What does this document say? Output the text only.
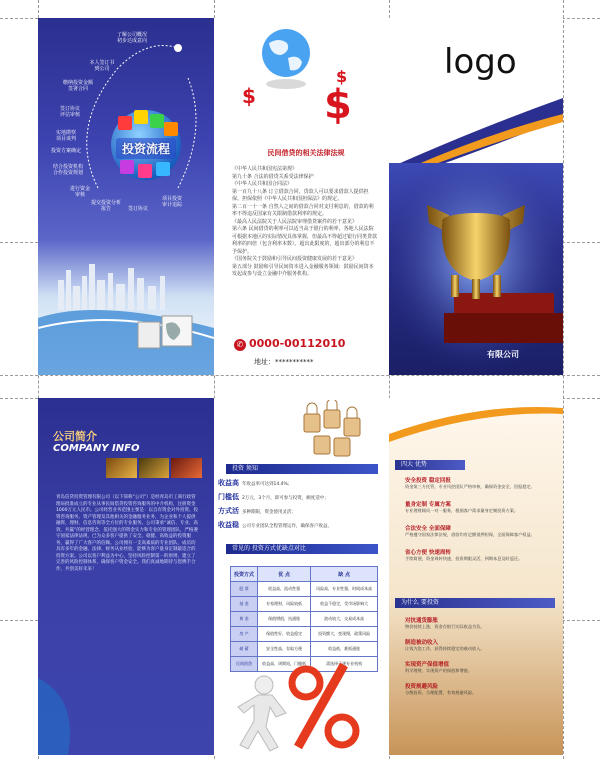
投资流程
了解公司概况
初步达成意向
本人签订书
到公司
缴纳投资金额
签署合同
签订协议
评估审核
实地勘察
项目谈判
投资方案确定
结合投资机构
合作投资规划
进行资金
审核
提交投资分析
报告	签订协议
项目投资
审计追踪
$ $
$
民间借贷的相关法律法规
《中华人民共和国宪法第规》
第九十条 合法的借贷关系受法律保护
《中华人民共和国合同法》
第一百九十八条 订立借款合同，贷款人可以要求借款人提供担保。担保依照《中华人民共和国担保法》的规定。
第二百一十一条 自然人之间的借款合同对支付利息的，借款的利率不得违反国家有关限制借款利率的规定。
《最高人民法院关于人民法院审理借贷案件的若干意见》
第六条 民间借贷的利率可以适当高于银行的利率，各地人民法院可根据本地区的实际情况具体掌握，但最高不得超过银行同类贷款利率的四倍（包含利率本数）。超出此限度的，超出部分的利息不予保护。
《国务院关于鼓励和引导民间投资健康发展的若干意见》
第五部分 鼓励和引导民间资本进入金融服务领域：鼓励民间资本发起或参与设立金融中介服务机构。
✆ 0000-00112010
地址：***********
logo
有限公司
公司简介
COMPANY INFO
青岛信贷投资管理有限公司（以下简称“公司”）是经青岛市工商行政管理局批准成立的专业从事民间借贷投资咨询服务的中介机构，注册资金1000万元人民币。公司经营业务范围主要是：以自有资金对外投资、投资咨询服务、资产管理及其他相关的金融服务业务，为企业和个人提供融资、理财、信息咨询等全方位的专业服务。公司秉承“诚信、专业、高效、共赢”的经营理念，依托强大的资金实力和专业的管理团队，严格遵守国家法律法规，已为众多客户提供了安全、稳健、高收益的投资服务，赢得了广大客户的信赖。公司拥有一支高素质的专业团队，成员均具有多年的金融、法律、财务从业经验，能够为客户量身定制最适合的投资方案。公司以客户利益为中心，坚持风险控制第一的原则，建立了完善的风险控制体系，确保客户资金安全。我们真诚地期待与您携手合作，共创美好未来！
投资 须知
收益高 年收益率可达到14.4%；
门槛低 2万元，3个月，即可参与投资，额度适中；
方式活 多种期限，资金使用灵活；
收益稳 公司专业团队全程管理运作，确保客户收益。
常见的 投资方式优缺点对比
投资方式	优 点	缺 点
股 票	收益高，流动性强	风险高，专业性强，时间成本高
基 金	专家理财，风险较低	收益不稳定，受市场影响大
黄 金	保值增值，抗通胀	波动较大，交易成本高
房 产	保值性好，收益稳定	投资额大，变现慢，政策风险
储 蓄	安全性高，存取方便	收益低，难抵通胀
民间借贷	收益高，周期短，门槛低	需选择正规专业机构
四大 优势
安全投资 稳定回报
资金第三方托管，专业风控团队严格审核，确保资金安全、回报稳定。
量身定制 专属方案
专业理财顾问一对一服务，根据客户需求量身定制投资方案。
合法安全 全面保障
严格遵守国家法律法规，借款均有足额抵押担保，全面保障客户权益。
省心方便 快速周转
手续简便，资金周转快速，投资期限灵活，到期本息及时返还。
为什么 要投资
对抗通货膨胀
物价持续上涨，资金存银行实际收益为负。
制造被动收入
让钱为您工作，获得持续稳定的被动收入。
实现资产保值增值
科学理财，实现资产的保值和增值。
投资规避风险
分散投资，合理配置，有效规避风险。
